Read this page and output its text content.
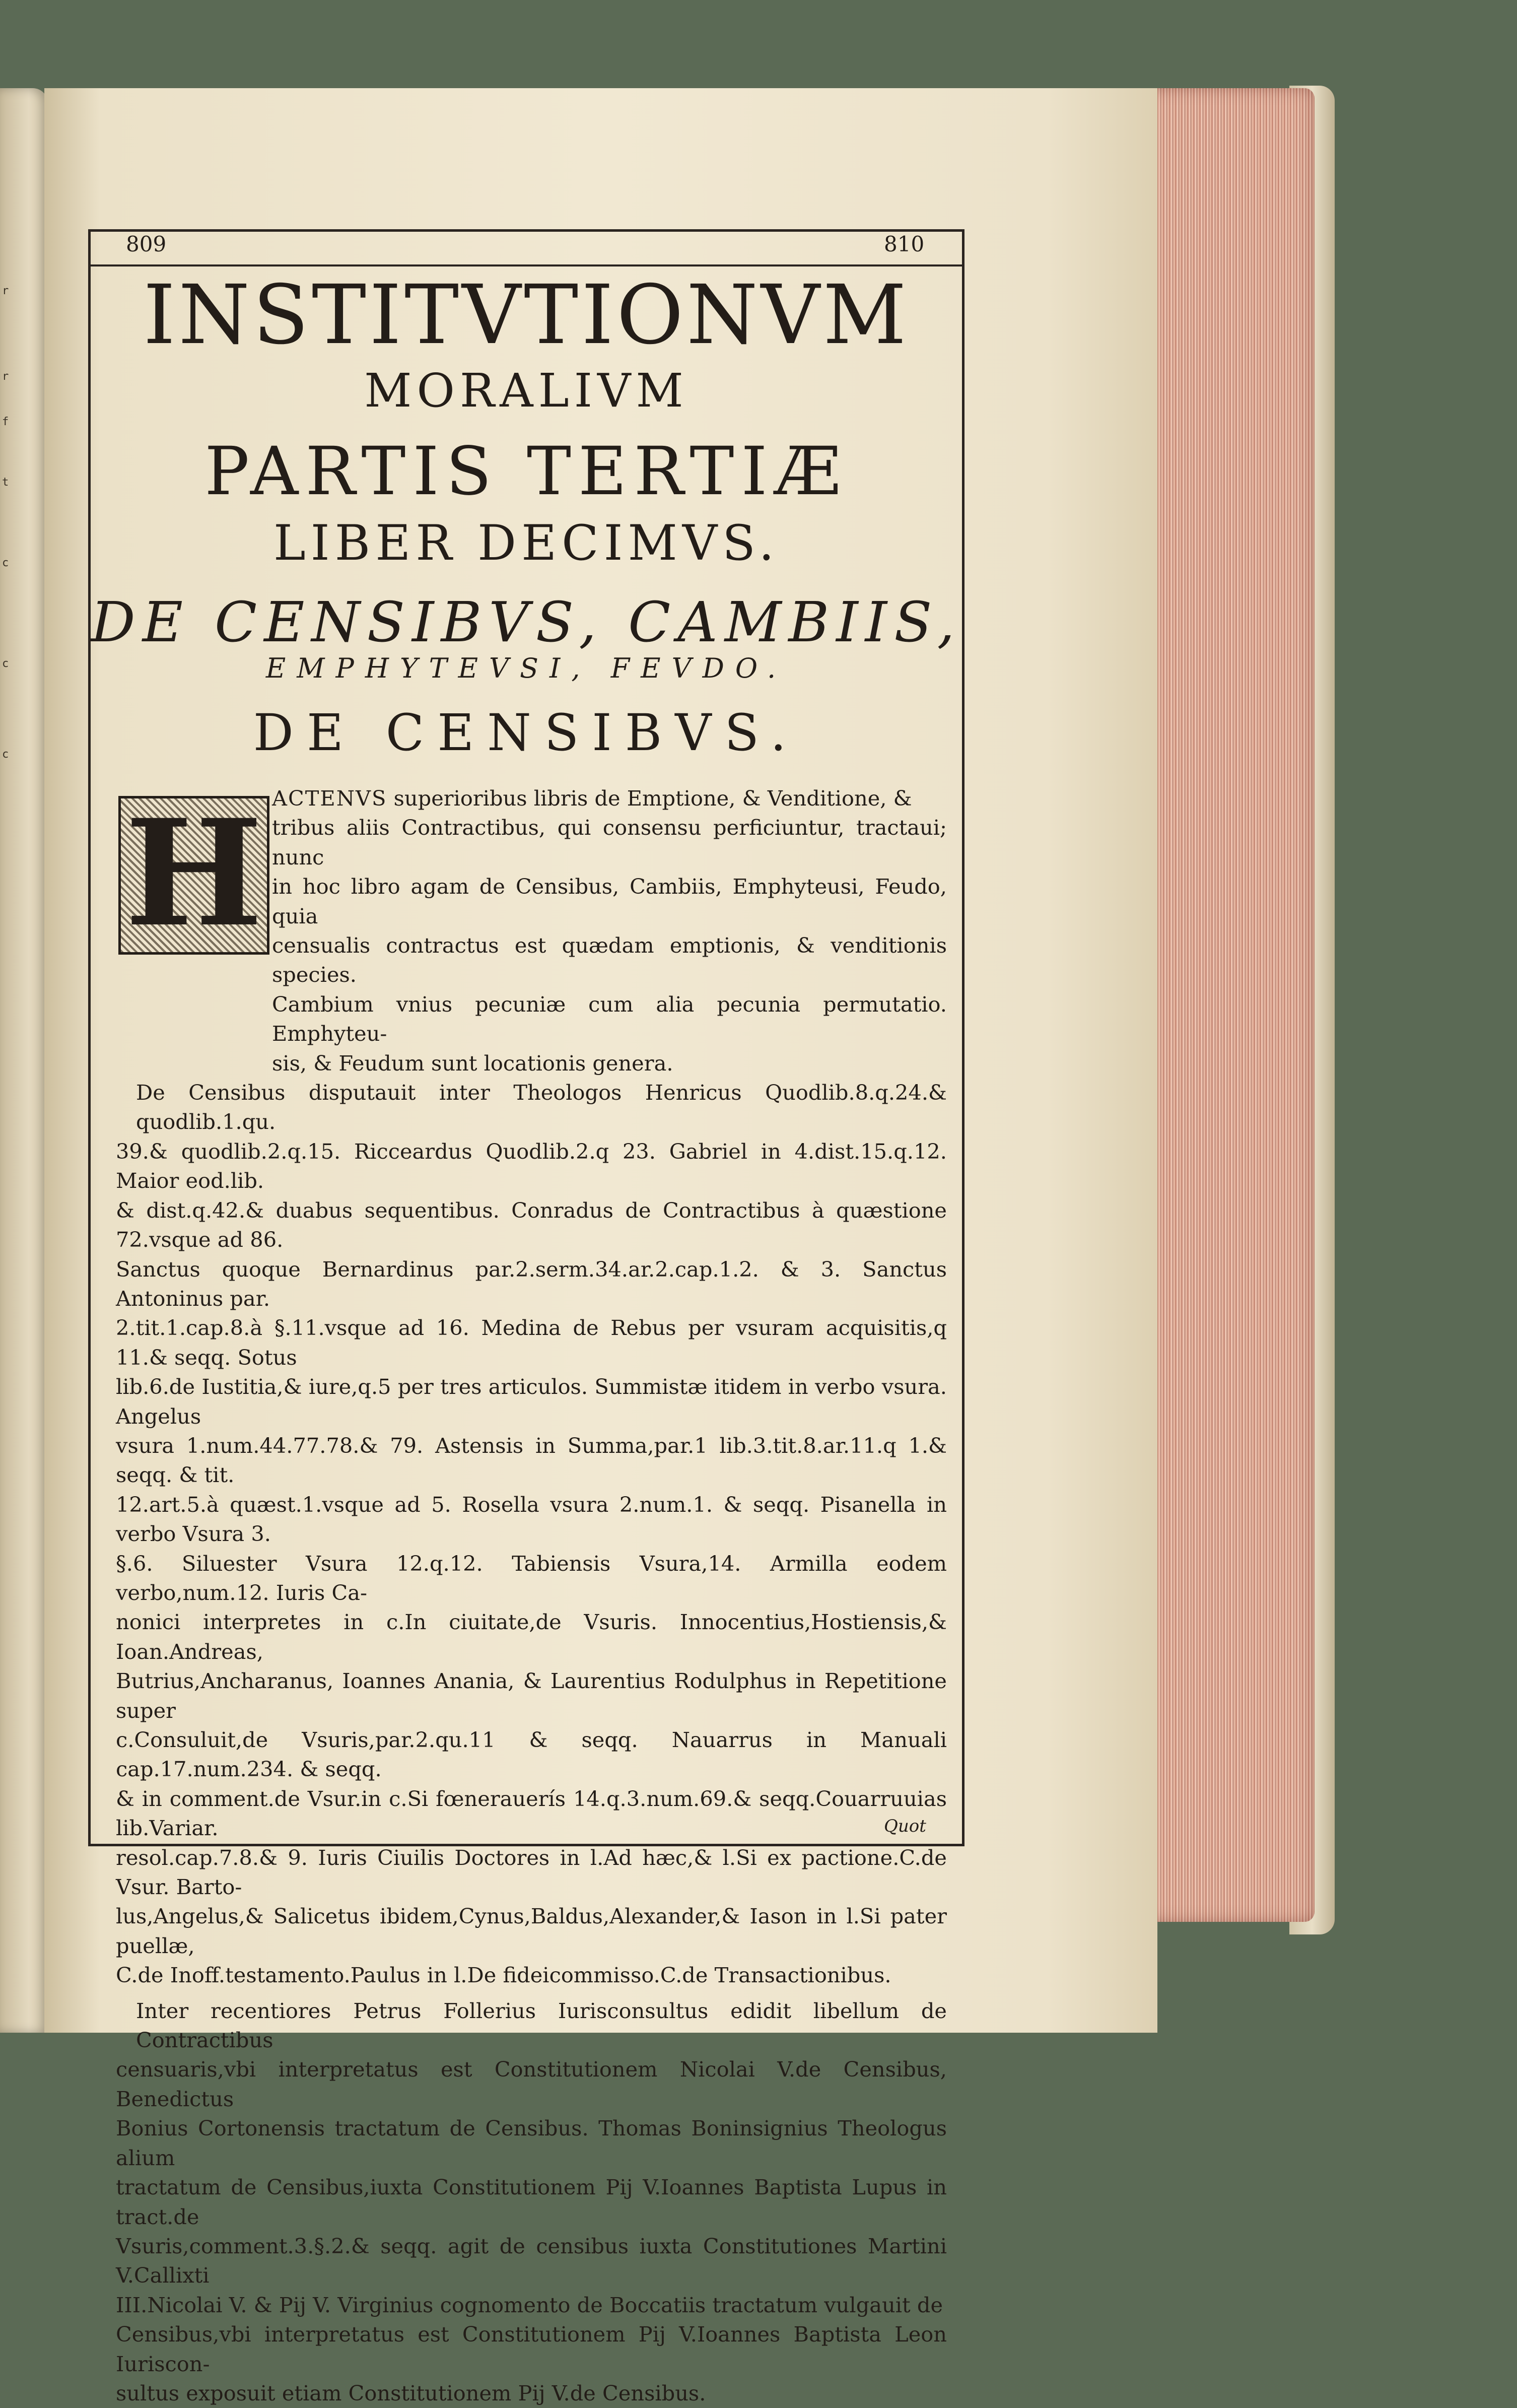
r
r
f
t
c
c
c
809	810
INSTITVTIONVM
MORALIVM
PARTIS TERTIÆ
LIBER DECIMVS.
DE CENSIBVS, CAMBIIS,
EMPHYTEVSI, FEVDO.
DE CENSIBVS.
H ACTENVS superioribus libris de Emptione, & Venditione, &

tribus aliis Contractibus, qui consensu perficiuntur, tractaui; nunc

in hoc libro agam de Censibus, Cambiis, Emphyteusi, Feudo, quia

censualis contractus est quædam emptionis, & venditionis species.

Cambium vnius pecuniæ cum alia pecunia permutatio. Emphyteu-

sis, & Feudum sunt locationis genera.

De Censibus disputauit inter Theologos Henricus Quodlib.8.q.24.& quodlib.1.qu.

39.& quodlib.2.q.15. Ricceardus Quodlib.2.q 23. Gabriel in 4.dist.15.q.12. Maior eod.lib.

& dist.q.42.& duabus sequentibus. Conradus de Contractibus à quæstione 72.vsque ad 86.

Sanctus quoque Bernardinus par.2.serm.34.ar.2.cap.1.2. & 3. Sanctus Antoninus par.

2.tit.1.cap.8.à §.11.vsque ad 16. Medina de Rebus per vsuram acquisitis,q 11.& seqq. Sotus

lib.6.de Iustitia,& iure,q.5 per tres articulos. Summistæ itidem in verbo vsura. Angelus

vsura 1.num.44.77.78.& 79. Astensis in Summa,par.1 lib.3.tit.8.ar.11.q 1.& seqq. & tit.

12.art.5.à quæst.1.vsque ad 5. Rosella vsura 2.num.1. & seqq. Pisanella in verbo Vsura 3.

§.6. Siluester Vsura 12.q.12. Tabiensis Vsura,14. Armilla eodem verbo,num.12. Iuris Ca-

nonici interpretes in c.In ciuitate,de Vsuris. Innocentius,Hostiensis,& Ioan.Andreas,

Butrius,Ancharanus, Ioannes Anania, & Laurentius Rodulphus in Repetitione super

c.Consuluit,de Vsuris,par.2.qu.11 & seqq. Nauarrus in Manuali cap.17.num.234. & seqq.

& in comment.de Vsur.in c.Si fœnerauerís 14.q.3.num.69.& seqq.Couarruuias lib.Variar.

resol.cap.7.8.& 9. Iuris Ciuilis Doctores in l.Ad hæc,& l.Si ex pactione.C.de Vsur. Barto-

lus,Angelus,& Salicetus ibidem,Cynus,Baldus,Alexander,& Iason in l.Si pater puellæ,

C.de Inoff.testamento.Paulus in l.De fideicommisso.C.de Transactionibus.

Inter recentiores Petrus Follerius Iurisconsultus edidit libellum de Contractibus

censuaris,vbi interpretatus est Constitutionem Nicolai V.de Censibus, Benedictus

Bonius Cortonensis tractatum de Censibus. Thomas Boninsignius Theologus alium

tractatum de Censibus,iuxta Constitutionem Pij V.Ioannes Baptista Lupus in tract.de

Vsuris,comment.3.§.2.& seqq. agit de censibus iuxta Constitutiones Martini V.Callixti

III.Nicolai V. & Pij V. Virginius cognomento de Boccatiis tractatum vulgauit de

Censibus,vbi interpretatus est Constitutionem Pij V.Ioannes Baptista Leon Iuriscon-

sultus exposuit etiam Constitutionem Pij V.de Censibus.

Quot
